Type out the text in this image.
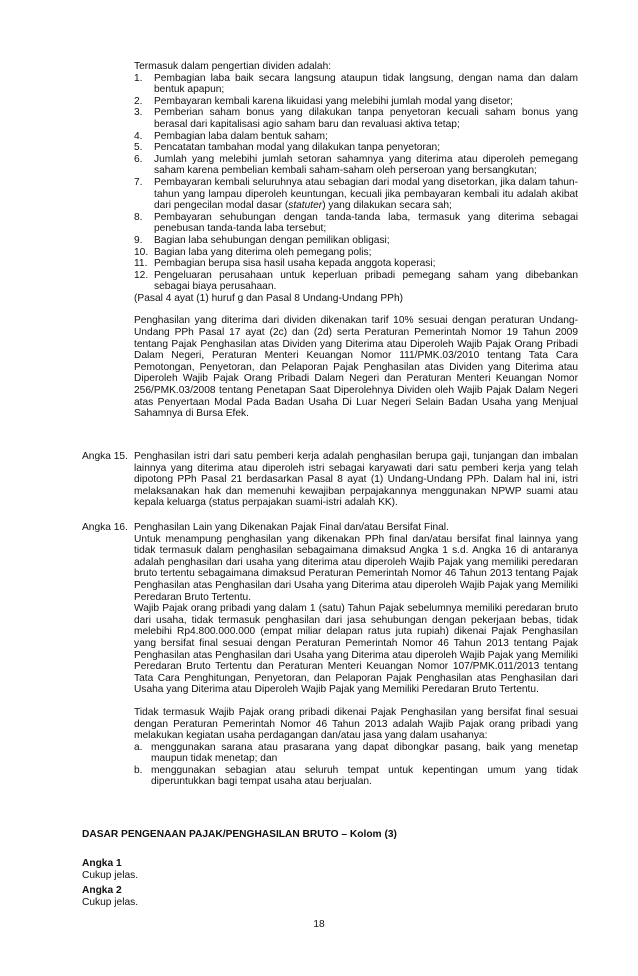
Termasuk dalam pengertian dividen adalah:
1. Pembagian laba baik secara langsung ataupun tidak langsung, dengan nama dan dalam bentuk apapun;
2. Pembayaran kembali karena likuidasi yang melebihi jumlah modal yang disetor;
3. Pemberian saham bonus yang dilakukan tanpa penyetoran kecuali saham bonus yang berasal dari kapitalisasi agio saham baru dan revaluasi aktiva tetap;
4. Pembagian laba dalam bentuk saham;
5. Pencatatan tambahan modal yang dilakukan tanpa penyetoran;
6. Jumlah yang melebihi jumlah setoran sahamnya yang diterima atau diperoleh pemegang saham karena pembelian kembali saham-saham oleh perseroan yang bersangkutan;
7. Pembayaran kembali seluruhnya atau sebagian dari modal yang disetorkan, jika dalam tahun-tahun yang lampau diperoleh keuntungan, kecuali jika pembayaran kembali itu adalah akibat dari pengecilan modal dasar (statuter) yang dilakukan secara sah;
8. Pembayaran sehubungan dengan tanda-tanda laba, termasuk yang diterima sebagai penebusan tanda-tanda laba tersebut;
9. Bagian laba sehubungan dengan pemilikan obligasi;
10. Bagian laba yang diterima oleh pemegang polis;
11. Pembagian berupa sisa hasil usaha kepada anggota koperasi;
12. Pengeluaran perusahaan untuk keperluan pribadi pemegang saham yang dibebankan sebagai biaya perusahaan.
(Pasal 4 ayat (1) huruf g dan Pasal 8 Undang-Undang PPh)
Penghasilan yang diterima dari dividen dikenakan tarif 10% sesuai dengan peraturan Undang-Undang PPh Pasal 17 ayat (2c) dan (2d) serta Peraturan Pemerintah Nomor 19 Tahun 2009 tentang Pajak Penghasilan atas Dividen yang Diterima atau Diperoleh Wajib Pajak Orang Pribadi Dalam Negeri, Peraturan Menteri Keuangan Nomor 111/PMK.03/2010 tentang Tata Cara Pemotongan, Penyetoran, dan Pelaporan Pajak Penghasilan atas Dividen yang Diterima atau Diperoleh Wajib Pajak Orang Pribadi Dalam Negeri dan Peraturan Menteri Keuangan Nomor 256/PMK.03/2008 tentang Penetapan Saat Diperolehnya Dividen oleh Wajib Pajak Dalam Negeri atas Penyertaan Modal Pada Badan Usaha Di Luar Negeri Selain Badan Usaha yang Menjual Sahamnya di Bursa Efek.
Angka 15. Penghasilan istri dari satu pemberi kerja adalah penghasilan berupa gaji, tunjangan dan imbalan lainnya yang diterima atau diperoleh istri sebagai karyawati dari satu pemberi kerja yang telah dipotong PPh Pasal 21 berdasarkan Pasal 8 ayat (1) Undang-Undang PPh. Dalam hal ini, istri melaksanakan hak dan memenuhi kewajiban perpajakannya menggunakan NPWP suami atau kepala keluarga (status perpajakan suami-istri adalah KK).
Angka 16. Penghasilan Lain yang Dikenakan Pajak Final dan/atau Bersifat Final.

Untuk menampung penghasilan yang dikenakan PPh final dan/atau bersifat final lainnya yang tidak termasuk dalam penghasilan sebagaimana dimaksud Angka 1 s.d. Angka 16 di antaranya adalah penghasilan dari usaha yang diterima atau diperoleh Wajib Pajak yang memiliki peredaran bruto tertentu sebagaimana dimaksud Peraturan Pemerintah Nomor 46 Tahun 2013 tentang Pajak Penghasilan atas Penghasilan dari Usaha yang Diterima atau diperoleh Wajib Pajak yang Memiliki Peredaran Bruto Tertentu.

Wajib Pajak orang pribadi yang dalam 1 (satu) Tahun Pajak sebelumnya memiliki peredaran bruto dari usaha, tidak termasuk penghasilan dari jasa sehubungan dengan pekerjaan bebas, tidak melebihi Rp4.800.000.000 (empat miliar delapan ratus juta rupiah) dikenai Pajak Penghasilan yang bersifat final sesuai dengan Peraturan Pemerintah Nomor 46 Tahun 2013 tentang Pajak Penghasilan atas Penghasilan dari Usaha yang Diterima atau diperoleh Wajib Pajak yang Memiliki Peredaran Bruto Tertentu dan Peraturan Menteri Keuangan Nomor 107/PMK.011/2013 tentang Tata Cara Penghitungan, Penyetoran, dan Pelaporan Pajak Penghasilan atas Penghasilan dari Usaha yang Diterima atau Diperoleh Wajib Pajak yang Memiliki Peredaran Bruto Tertentu.

Tidak termasuk Wajib Pajak orang pribadi dikenai Pajak Penghasilan yang bersifat final sesuai dengan Peraturan Pemerintah Nomor 46 Tahun 2013 adalah Wajib Pajak orang pribadi yang melakukan kegiatan usaha perdagangan dan/atau jasa yang dalam usahanya:

a. menggunakan sarana atau prasarana yang dapat dibongkar pasang, baik yang menetap maupun tidak menetap; dan
b. menggunakan sebagian atau seluruh tempat untuk kepentingan umum yang tidak diperuntukkan bagi tempat usaha atau berjualan.
DASAR PENGENAAN PAJAK/PENGHASILAN BRUTO – Kolom (3)
Angka 1
Cukup jelas.
Angka 2
Cukup jelas.
18
